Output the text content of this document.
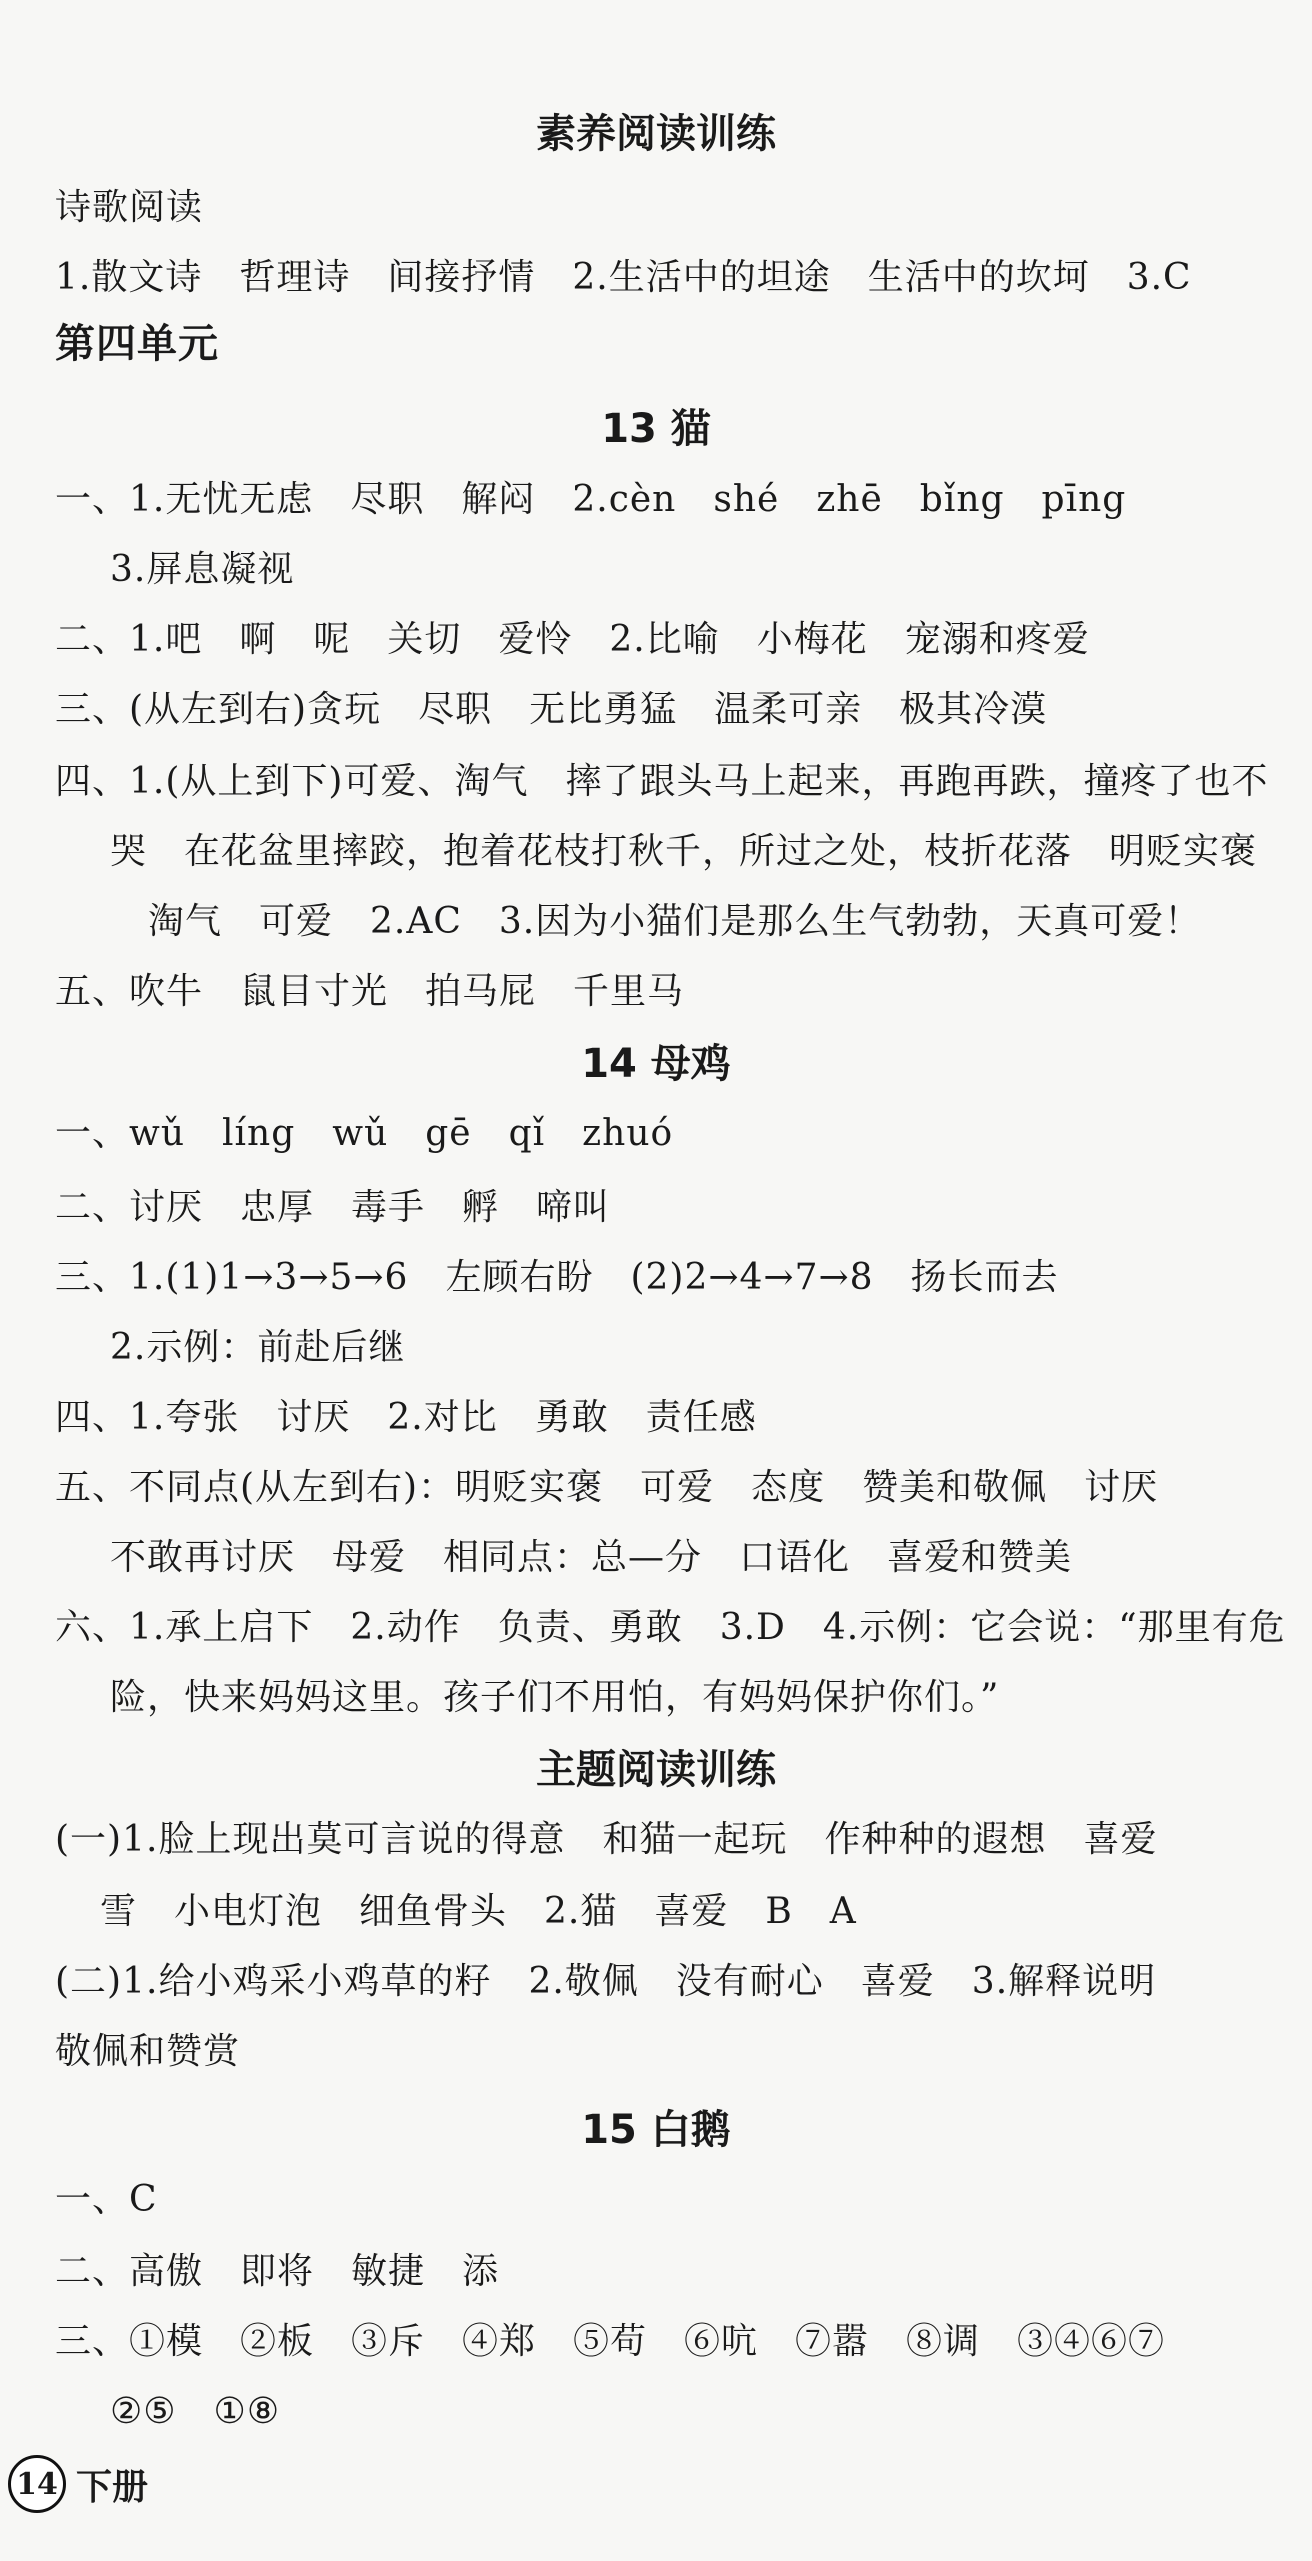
素养阅读训练
诗歌阅读
1.散文诗　哲理诗　间接抒情　2.生活中的坦途　生活中的坎坷　3.C
第四单元
13 猫
一、1.无忧无虑　尽职　解闷　2.cèn　shé　zhē　bǐng　pīng
3.屏息凝视
二、1.吧　啊　呢　关切　爱怜　2.比喻　小梅花　宠溺和疼爱
三、(从左到右)贪玩　尽职　无比勇猛　温柔可亲　极其冷漠
四、1.(从上到下)可爱、淘气　摔了跟头马上起来，再跑再跌，撞疼了也不
哭　在花盆里摔跤，抱着花枝打秋千，所过之处，枝折花落　明贬实褒
淘气　可爱　2.AC　3.因为小猫们是那么生气勃勃，天真可爱！
五、吹牛　鼠目寸光　拍马屁　千里马
14 母鸡
一、wǔ　líng　wǔ　gē　qǐ　zhuó
二、讨厌　忠厚　毒手　孵　啼叫
三、1.(1)1→3→5→6　左顾右盼　(2)2→4→7→8　扬长而去
2.示例：前赴后继
四、1.夸张　讨厌　2.对比　勇敢　责任感
五、不同点(从左到右)：明贬实褒　可爱　态度　赞美和敬佩　讨厌
不敢再讨厌　母爱　相同点：总—分　口语化　喜爱和赞美
六、1.承上启下　2.动作　负责、勇敢　3.D　4.示例：它会说：“那里有危
险，快来妈妈这里。孩子们不用怕，有妈妈保护你们。”
主题阅读训练
(一)1.脸上现出莫可言说的得意　和猫一起玩　作种种的遐想　喜爱
雪　小电灯泡　细鱼骨头　2.猫　喜爱　B　A
(二)1.给小鸡采小鸡草的籽　2.敬佩　没有耐心　喜爱　3.解释说明
敬佩和赞赏
15 白鹅
一、C
二、高傲　即将　敏捷　添
三、①模　②板　③斥　④郑　⑤苟　⑥吭　⑦嚣　⑧调　③④⑥⑦
②⑤　①⑧
14 下册
